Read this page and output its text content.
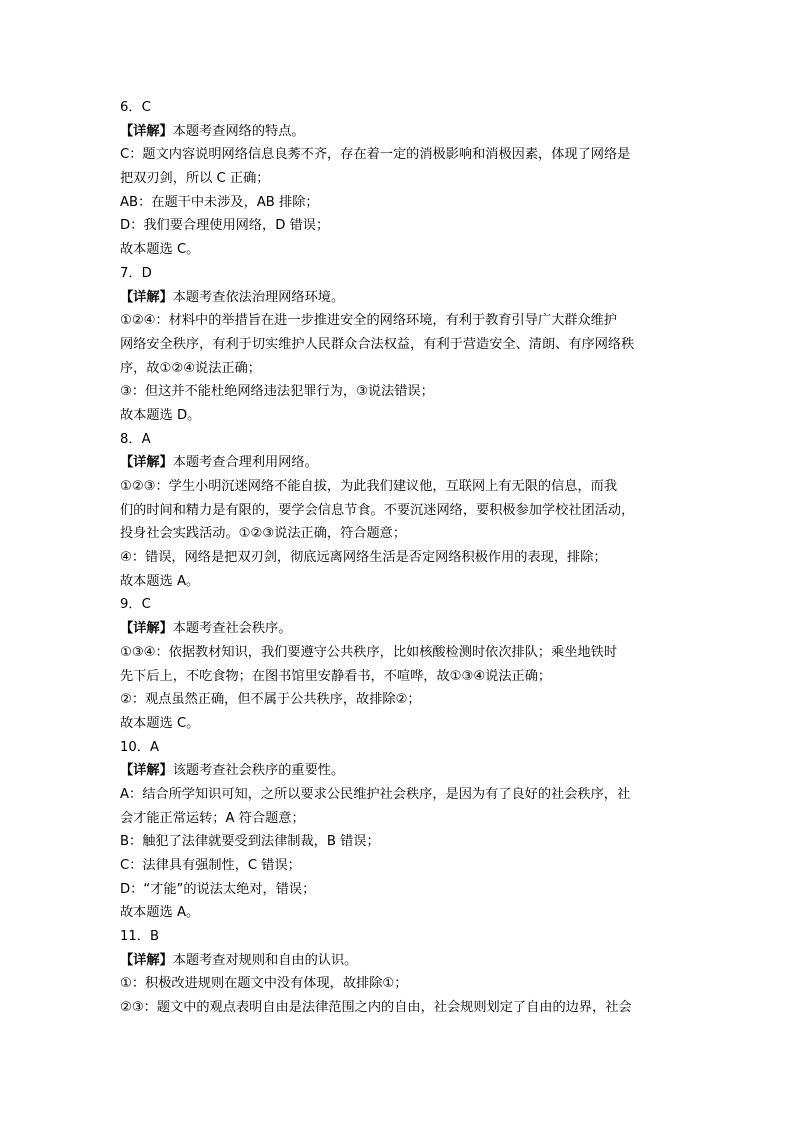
6．C
【详解】本题考查网络的特点。
C：题文内容说明网络信息良莠不齐，存在着一定的消极影响和消极因素，体现了网络是
把双刃剑，所以 C 正确；
AB：在题干中未涉及，AB 排除；
D：我们要合理使用网络，D 错误；
故本题选 C。
7．D
【详解】本题考查依法治理网络环境。
①②④：材料中的举措旨在进一步推进安全的网络环境，有利于教育引导广大群众维护
网络安全秩序，有利于切实维护人民群众合法权益，有利于营造安全、清朗、有序网络秩
序，故①②④说法正确；
③：但这并不能杜绝网络违法犯罪行为，③说法错误；
故本题选 D。
8．A
【详解】本题考查合理利用网络。
①②③：学生小明沉迷网络不能自拔，为此我们建议他，互联网上有无限的信息，而我
们的时间和精力是有限的，要学会信息节食。不要沉迷网络，要积极参加学校社团活动，
投身社会实践活动。①②③说法正确，符合题意；
④：错误，网络是把双刃剑，彻底远离网络生活是否定网络积极作用的表现，排除；
故本题选 A。
9．C
【详解】本题考查社会秩序。
①③④：依据教材知识，我们要遵守公共秩序，比如核酸检测时依次排队；乘坐地铁时
先下后上，不吃食物；在图书馆里安静看书，不喧哗，故①③④说法正确；
②：观点虽然正确，但不属于公共秩序，故排除②；
故本题选 C。
10．A
【详解】该题考查社会秩序的重要性。
A：结合所学知识可知，之所以要求公民维护社会秩序，是因为有了良好的社会秩序，社
会才能正常运转；A 符合题意；
B：触犯了法律就要受到法律制裁，B 错误；
C：法律具有强制性，C 错误；
D：“才能”的说法太绝对，错误；
故本题选 A。
11．B
【详解】本题考查对规则和自由的认识。
①：积极改进规则在题文中没有体现，故排除①；
②③：题文中的观点表明自由是法律范围之内的自由，社会规则划定了自由的边界，社会
